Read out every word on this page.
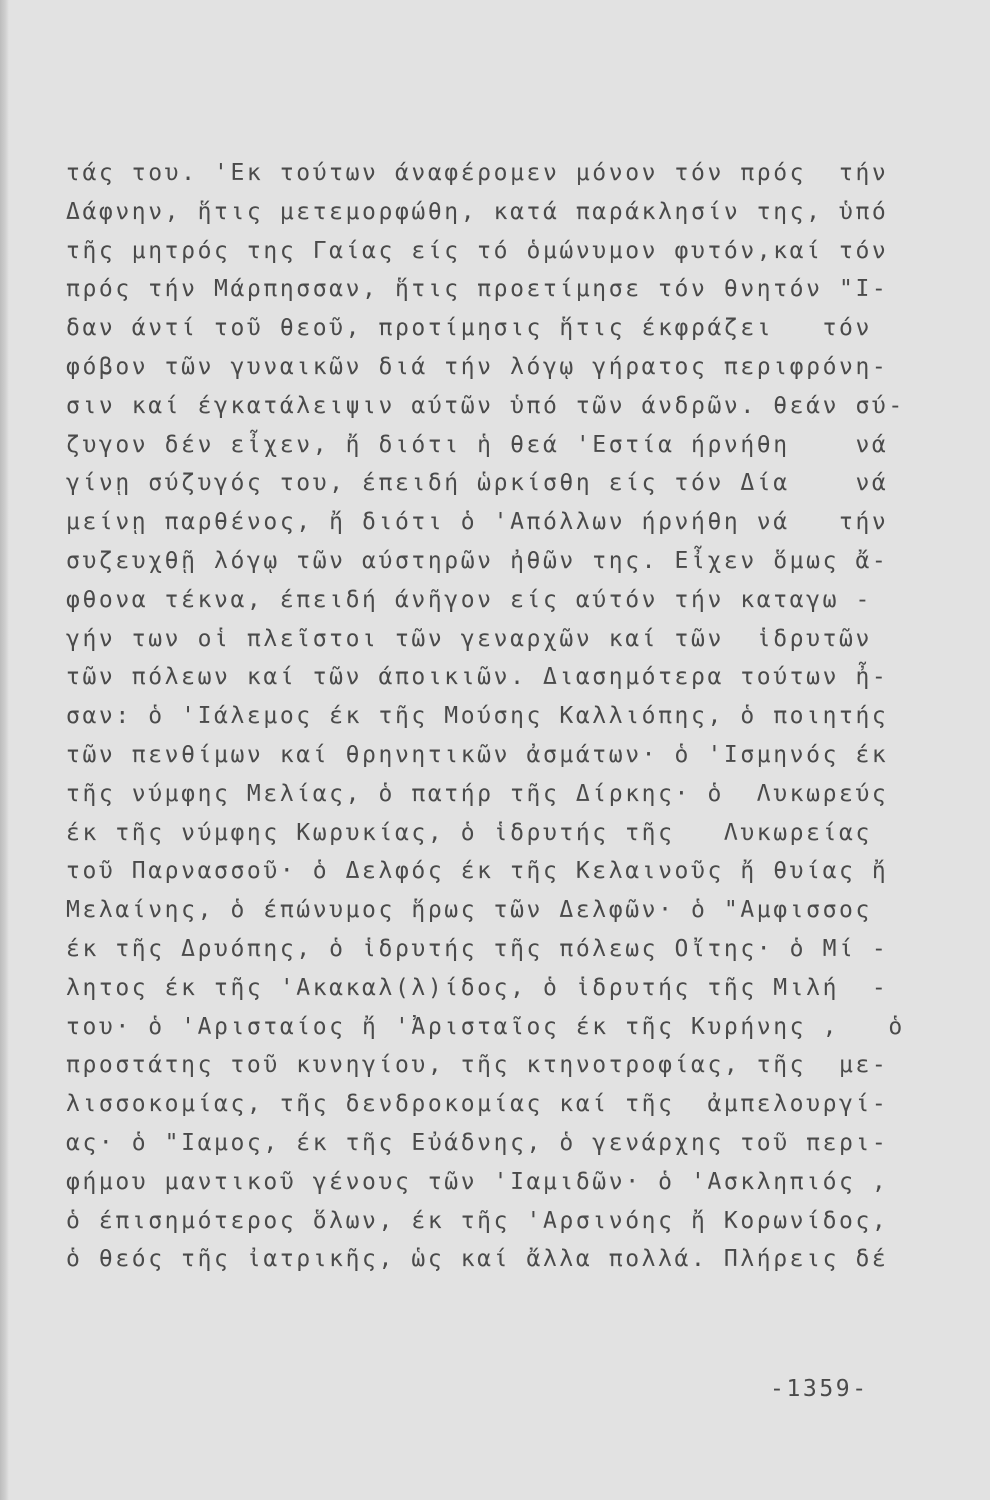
τάς του. 'Εκ τούτων άναφέρομεν μόνον τόν πρός  τήν
Δάφνην, ἥτις μετεμορφώθη, κατά παράκλησίν της, ὑπό
τῆς μητρός της Γαίας είς τό ὁμώνυμον φυτόν,καί τόν
πρός τήν Μάρπησσαν, ἥτις προετίμησε τόν θνητόν "Ι-
δαν άντί τοῦ θεοῦ, προτίμησις ἥτις έκφράζει   τόν
φόβον τῶν γυναικῶν διά τήν λόγῳ γήρατος περιφρόνη-
σιν καί έγκατάλειψιν αύτῶν ὑπό τῶν άνδρῶν. θεάν σύ-
ζυγον δέν εἶχεν, ἤ διότι ἡ θεά 'Εστία ήρνήθη    νά
γίνῃ σύζυγός του, έπειδή ὡρκίσθη είς τόν Δία    νά
μείνῃ παρθένος, ἤ διότι ὁ 'Απόλλων ήρνήθη νά   τήν
συζευχθῇ λόγῳ τῶν αύστηρῶν ἠθῶν της. Εἶχεν ὅμως ἄ-
φθονα τέκνα, έπειδή άνῆγον είς αύτόν τήν καταγω -
γήν των οἱ πλεῖστοι τῶν γεναρχῶν καί τῶν  ἱδρυτῶν
τῶν πόλεων καί τῶν άποικιῶν. Διασημότερα τούτων ἦ-
σαν: ὁ 'Ιάλεμος έκ τῆς Μούσης Καλλιόπης, ὁ ποιητής
τῶν πενθίμων καί θρηνητικῶν ἀσμάτων· ὁ 'Ισμηνός έκ
τῆς νύμφης Μελίας, ὁ πατήρ τῆς Δίρκης· ὁ  Λυκωρεύς
έκ τῆς νύμφης Κωρυκίας, ὁ ἱδρυτής τῆς   Λυκωρείας
τοῦ Παρνασσοῦ· ὁ Δελφός έκ τῆς Κελαινοῦς ἤ θυίας ἤ
Μελαίνης, ὁ έπώνυμος ἥρως τῶν Δελφῶν· ὁ "Αμφισσος
έκ τῆς Δρυόπης, ὁ ἱδρυτής τῆς πόλεως Οἴτης· ὁ Μί -
λητος έκ τῆς 'Ακακαλ(λ)ίδος, ὁ ἱδρυτής τῆς Μιλή  -
του· ὁ 'Αρισταίος ἤ 'Ἀρισταῖος έκ τῆς Κυρήνης ,   ὁ
προστάτης τοῦ κυνηγίου, τῆς κτηνοτροφίας, τῆς  με-
λισσοκομίας, τῆς δενδροκομίας καί τῆς  ἀμπελουργί-
ας· ὁ "Ιαμος, έκ τῆς Εὐάδνης, ὁ γενάρχης τοῦ περι-
φήμου μαντικοῦ γένους τῶν 'Ιαμιδῶν· ὁ 'Ασκληπιός ,
ὁ έπισημότερος ὅλων, έκ τῆς 'Αρσινόης ἤ Κορωνίδος,
ὁ θεός τῆς ἰατρικῆς, ὡς καί ἄλλα πολλά. Πλήρεις δέ
-1359-
